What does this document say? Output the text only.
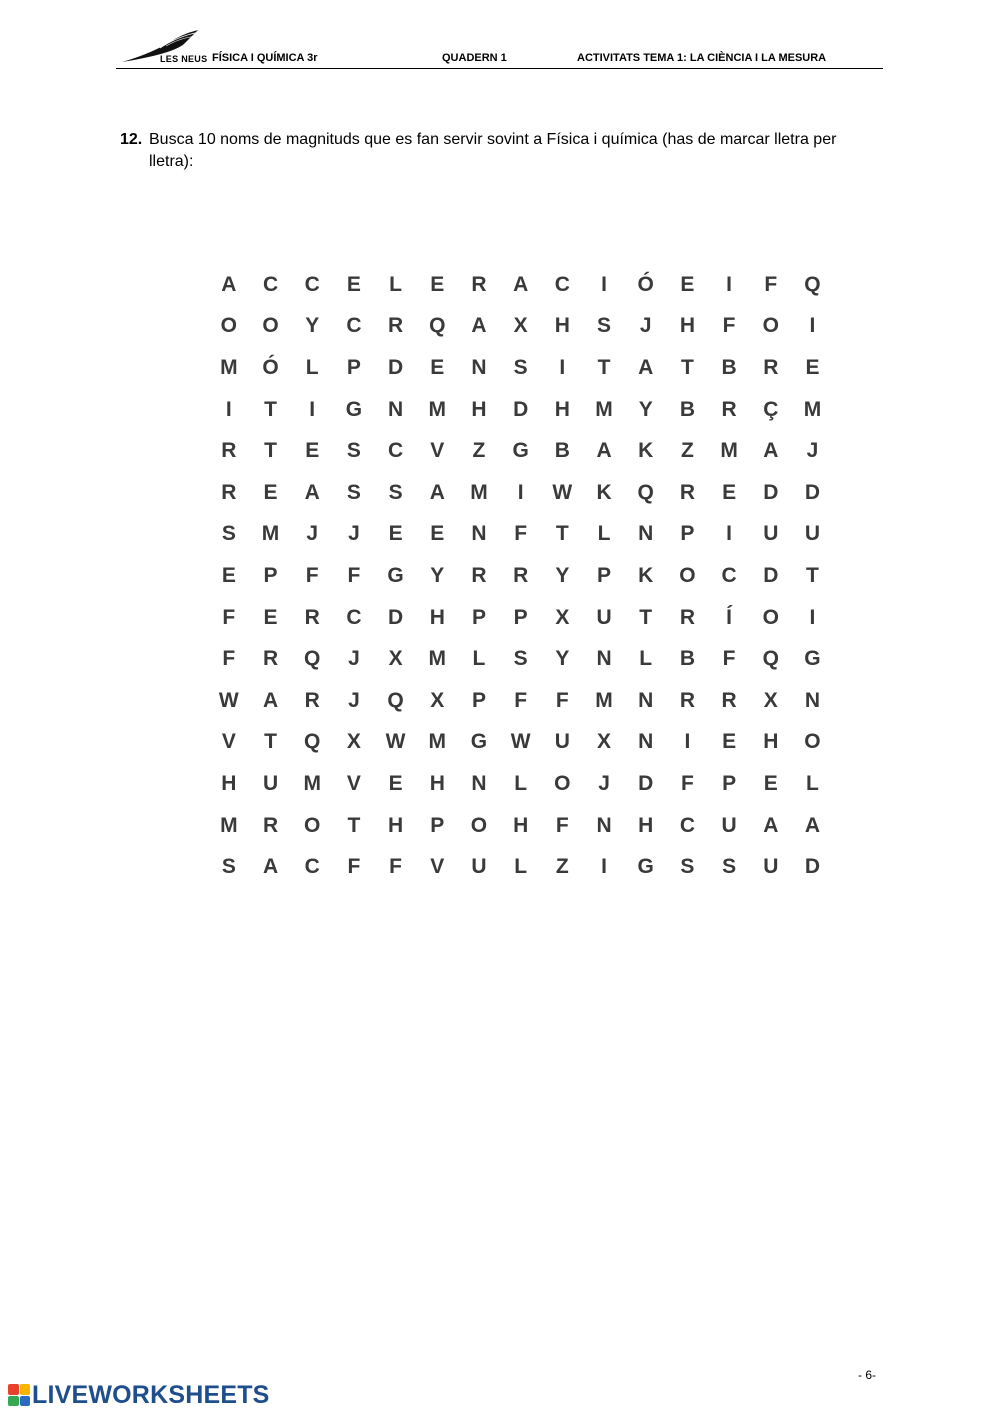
LES NEUS FÍSICA I QUÍMICA 3r	QUADERN 1	ACTIVITATS TEMA 1: LA CIÈNCIA I LA MESURA
12. Busca 10 noms de magnituds que es fan servir sovint a Física i química (has de marcar lletra per lletra):
A	C	C	E	L	E	R	A	C	I	Ó	E	I	F	Q
O	O	Y	C	R	Q	A	X	H	S	J	H	F	O	I
M	Ó	L	P	D	E	N	S	I	T	A	T	B	R	E
I	T	I	G	N	M	H	D	H	M	Y	B	R	Ç	M
R	T	E	S	C	V	Z	G	B	A	K	Z	M	A	J
R	E	A	S	S	A	M	I	W	K	Q	R	E	D	D
S	M	J	J	E	E	N	F	T	L	N	P	I	U	U
E	P	F	F	G	Y	R	R	Y	P	K	O	C	D	T
F	E	R	C	D	H	P	P	X	U	T	R	Í	O	I
F	R	Q	J	X	M	L	S	Y	N	L	B	F	Q	G
W	A	R	J	Q	X	P	F	F	M	N	R	R	X	N
V	T	Q	X	W	M	G	W	U	X	N	I	E	H	O
H	U	M	V	E	H	N	L	O	J	D	F	P	E	L
M	R	O	T	H	P	O	H	F	N	H	C	U	A	A
S	A	C	F	F	V	U	L	Z	I	G	S	S	U	D
- 6-
LIVEWORKSHEETS
